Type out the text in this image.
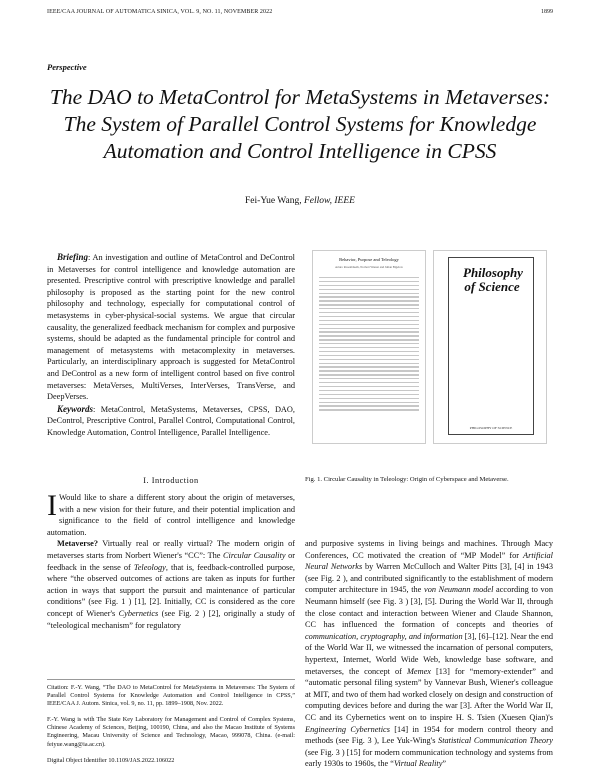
IEEE/CAA JOURNAL OF AUTOMATICA SINICA, VOL. 9, NO. 11, NOVEMBER 2022	1899
Perspective
The DAO to MetaControl for MetaSystems in Metaverses: The System of Parallel Control Systems for Knowledge Automation and Control Intelligence in CPSS
Fei-Yue Wang, Fellow, IEEE

Briefing: An investigation and outline of MetaControl and DeControl in Metaverses for control intelligence and knowledge automation are presented. Prescriptive control with prescriptive knowledge and parallel philosophy is proposed as the starting point for the new control philosophy and technology, especially for computational control of metasystems in cyber-physical-social systems. We argue that circular causality, the generalized feedback mechanism for complex and purposive systems, should be adapted as the fundamental principle for control and management of metasystems with metacomplexity in metaverses. Particularly, an interdisciplinary approach is suggested for MetaControl and DeControl as a new form of intelligent control based on five control metaverses: MetaVerses, MultiVerses, InterVerses, TransVerse, and DeepVerses.

Keywords: MetaControl, MetaSystems, Metaverses, CPSS, DAO, DeControl, Prescriptive Control, Parallel Control, Computational Control, Knowledge Automation, Control Intelligence, Parallel Intelligence.

I. Introduction

I Would like to share a different story about the origin of metaverses, with a new vision for their future, and their potential implication and significance to the field of control intelligence and knowledge automation.

Metaverse? Virtually real or really virtual? The modern origin of metaverses starts from Norbert Wiener's “CC”: The Circular Causality or feedback in the sense of Teleology, that is, feedback-controlled purpose, where “the observed outcomes of actions are taken as inputs for further action in ways that support the pursuit and maintenance of particular conditions” (see Fig. 1 ) [1], [2]. Initially, CC is considered as the core concept of Wiener's Cybernetics (see Fig. 2 ) [2], originally a study of “teleological mechanism” for regulatory

Citation: F.-Y. Wang, “The DAO to MetaControl for MetaSystems in Metaverses: The System of Parallel Control Systems for Knowledge Automation and Control Intelligence in CPSS,” IEEE/CAA J. Autom. Sinica, vol. 9, no. 11, pp. 1899–1908, Nov. 2022.
F.-Y. Wang is with The State Key Laboratory for Management and Control of Complex Systems, Chinese Academy of Sciences, Beijing, 100190, China, and also the Macao Institute of Systems Engineering, Macau University of Science and Technology, Macao, 999078, China. (e-mail: feiyue.wang@ia.ac.cn).
Digital Object Identifier 10.1109/JAS.2022.106022
Behavior, Purpose and Teleology
Arturo Rosenblueth, Norbert Wiener and Julian Bigelow	Philosophy of Science
PHILOSOPHY OF SCIENCE
Fig. 1. Circular Causality in Teleology: Origin of Cyberspace and Metaverse.

and purposive systems in living beings and machines. Through Macy Conferences, CC motivated the creation of “MP Model” for Artificial Neural Networks by Warren McCulloch and Walter Pitts [3], [4] in 1943 (see Fig. 2 ), and contributed significantly to the establishment of modern computer architecture in 1945, the von Neumann model according to von Neumann himself (see Fig. 3 ) [3], [5]. During the World War II, through the close contact and interaction between Wiener and Claude Shannon, CC has influenced the formation of concepts and theories of communication, cryptography, and information [3], [6]–[12]. Near the end of the World War II, we witnessed the incarnation of personal computers, hypertext, Internet, World Wide Web, knowledge base software, and metaverses, the concept of Memex [13] for “memory-extender” and “automatic personal filing system” by Vannevar Bush, Wiener's colleague at MIT, and two of them had worked closely on design and construction of computing devices before and during the war [3]. After the World War II, CC and its Cybernetics went on to inspire H. S. Tsien (Xuesen Qian)'s Engineering Cybernetics [14] in 1954 for modern control theory and methods (see Fig. 3 ), Lee Yuk-Wing's Statistical Communication Theory (see Fig. 3 ) [15] for modern communication technology and systems from early 1930s to 1960s, the “Virtual Reality”
